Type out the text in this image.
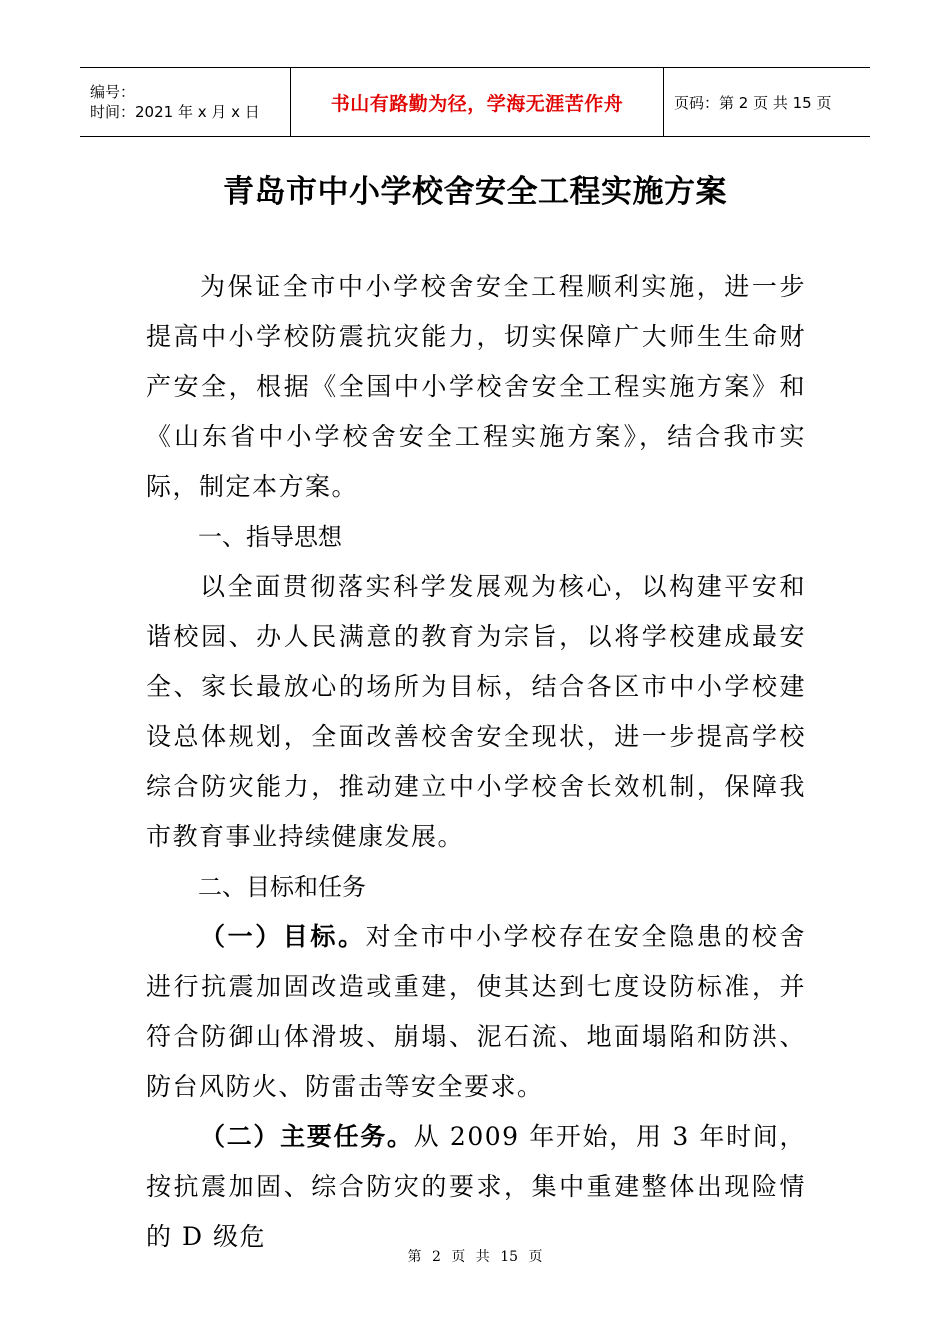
编号：
时间：2021 年 x 月 x 日	书山有路勤为径，学海无涯苦作舟	页码：第 2 页 共 15 页
青岛市中小学校舍安全工程实施方案

为保证全市中小学校舍安全工程顺利实施，进一步提高中小学校防震抗灾能力，切实保障广大师生生命财产安全，根据《全国中小学校舍安全工程实施方案》和《山东省中小学校舍安全工程实施方案》，结合我市实际，制定本方案。

一、指导思想

以全面贯彻落实科学发展观为核心，以构建平安和谐校园、办人民满意的教育为宗旨，以将学校建成最安全、家长最放心的场所为目标，结合各区市中小学校建设总体规划，全面改善校舍安全现状，进一步提高学校综合防灾能力，推动建立中小学校舍长效机制，保障我市教育事业持续健康发展。

二、目标和任务

（一）目标。对全市中小学校存在安全隐患的校舍进行抗震加固改造或重建，使其达到七度设防标准，并符合防御山体滑坡、崩塌、泥石流、地面塌陷和防洪、防台风防火、防雷击等安全要求。

（二）主要任务。从 2009 年开始，用 3 年时间，按抗震加固、综合防灾的要求，集中重建整体出现险情的 D 级危

第 2 页 共 15 页
